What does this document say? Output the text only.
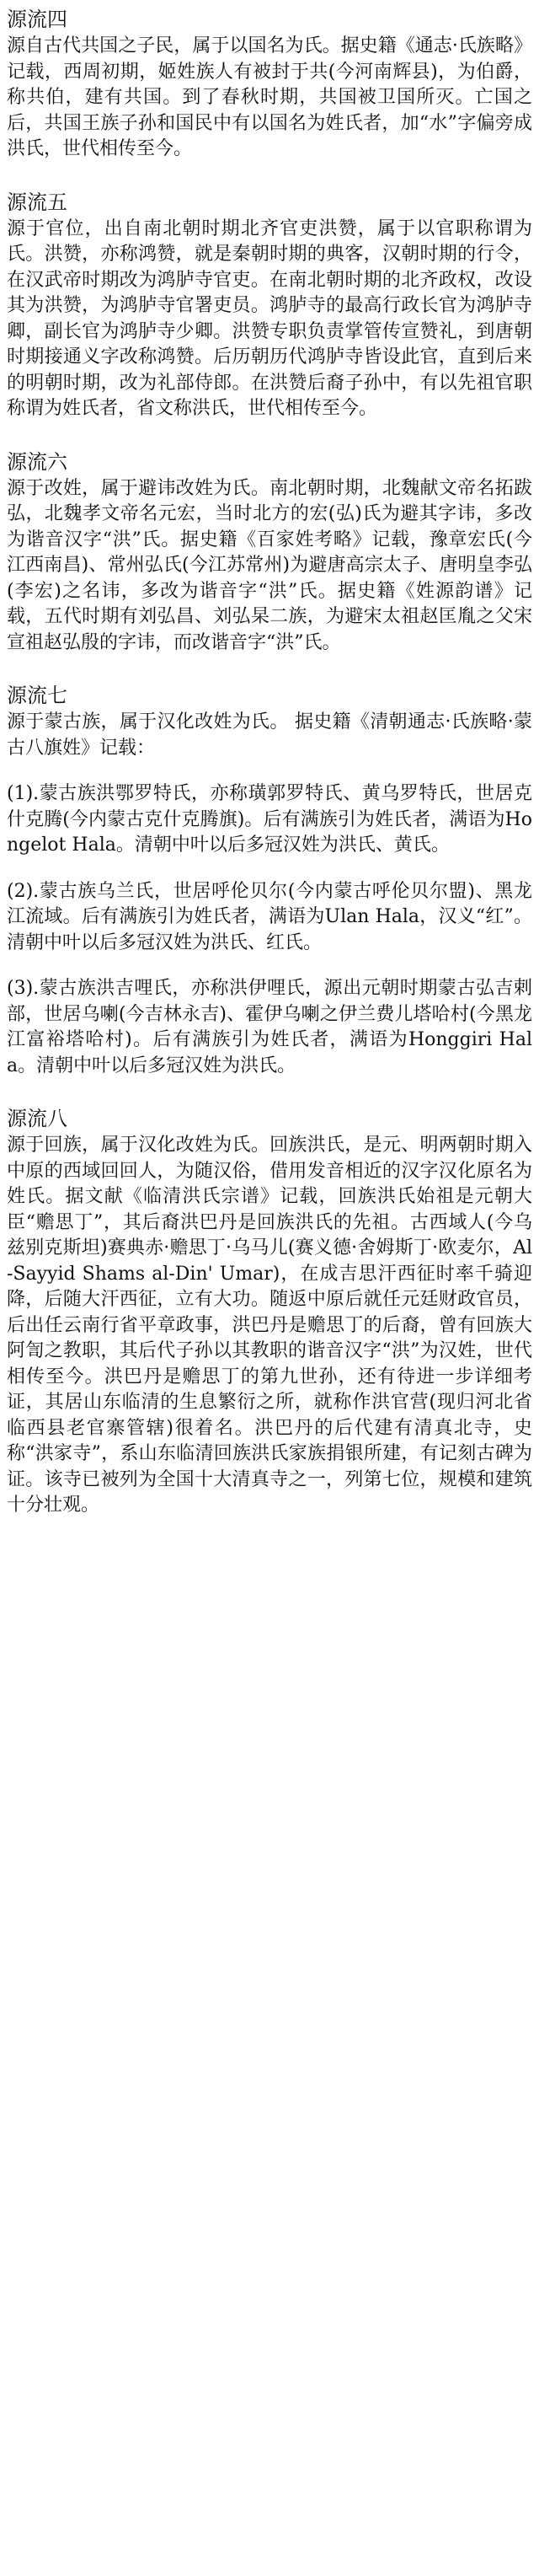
源流四

源自古代共国之子民，属于以国名为氏。据史籍《通志·氏族略》记载，西周初期，姬姓族人有被封于共(今河南辉县)，为伯爵，称共伯，建有共国。到了春秋时期，共国被卫国所灭。亡国之后，共国王族子孙和国民中有以国名为姓氏者，加“水”字偏旁成洪氏，世代相传至今。

源流五

源于官位，出自南北朝时期北齐官吏洪赞，属于以官职称谓为氏。洪赞，亦称鸿赞，就是秦朝时期的典客，汉朝时期的行令，在汉武帝时期改为鸿胪寺官吏。在南北朝时期的北齐政权，改设其为洪赞，为鸿胪寺官署吏员。鸿胪寺的最高行政长官为鸿胪寺卿，副长官为鸿胪寺少卿。洪赞专职负责掌管传宣赞礼，到唐朝时期接通义字改称鸿赞。后历朝历代鸿胪寺皆设此官，直到后来的明朝时期，改为礼部侍郎。在洪赞后裔子孙中，有以先祖官职称谓为姓氏者，省文称洪氏，世代相传至今。

源流六

源于改姓，属于避讳改姓为氏。南北朝时期，北魏献文帝名拓跋弘，北魏孝文帝名元宏，当时北方的宏(弘)氏为避其字讳，多改为谐音汉字“洪”氏。据史籍《百家姓考略》记载，豫章宏氏(今江西南昌)、常州弘氏(今江苏常州)为避唐高宗太子、唐明皇李弘(李宏)之名讳，多改为谐音字“洪”氏。据史籍《姓源韵谱》记载，五代时期有刘弘昌、刘弘杲二族，为避宋太祖赵匡胤之父宋宣祖赵弘殷的字讳，而改谐音字“洪”氏。

源流七

源于蒙古族，属于汉化改姓为氏。 据史籍《清朝通志·氏族略·蒙古八旗姓》记载：

(1).蒙古族洪鄂罗特氏，亦称璜郭罗特氏、黄乌罗特氏，世居克什克腾(今内蒙古克什克腾旗)。后有满族引为姓氏者，满语为Hongelot Hala。清朝中叶以后多冠汉姓为洪氏、黄氏。

(2).蒙古族乌兰氏，世居呼伦贝尔(今内蒙古呼伦贝尔盟)、黑龙江流域。后有满族引为姓氏者，满语为Ulan Hala，汉义“红”。清朝中叶以后多冠汉姓为洪氏、红氏。

(3).蒙古族洪吉哩氏，亦称洪伊哩氏，源出元朝时期蒙古弘吉剌部，世居乌喇(今吉林永吉)、霍伊乌喇之伊兰费儿塔哈村(今黑龙江富裕塔哈村)。后有满族引为姓氏者，满语为Honggiri Hala。清朝中叶以后多冠汉姓为洪氏。

源流八

源于回族，属于汉化改姓为氏。回族洪氏，是元、明两朝时期入中原的西域回回人，为随汉俗，借用发音相近的汉字汉化原名为姓氏。据文献《临清洪氏宗谱》记载，回族洪氏始祖是元朝大臣“赡思丁”，其后裔洪巴丹是回族洪氏的先祖。古西域人(今乌兹别克斯坦)赛典赤·赡思丁·乌马儿(赛义德·舍姆斯丁·欧麦尔，Al-Sayyid Shams al-Din' Umar)，在成吉思汗西征时率千骑迎降，后随大汗西征，立有大功。随返中原后就任元廷财政官员，后出任云南行省平章政事，洪巴丹是赡思丁的后裔，曾有回族大阿訇之教职，其后代子孙以其教职的谐音汉字“洪”为汉姓，世代相传至今。洪巴丹是赡思丁的第九世孙，还有待进一步详细考证，其居山东临清的生息繁衍之所，就称作洪官营(现归河北省临西县老官寨管辖)很着名。洪巴丹的后代建有清真北寺，史称“洪家寺”，系山东临清回族洪氏家族捐银所建，有记刻古碑为证。该寺已被列为全国十大清真寺之一，列第七位，规模和建筑十分壮观。
